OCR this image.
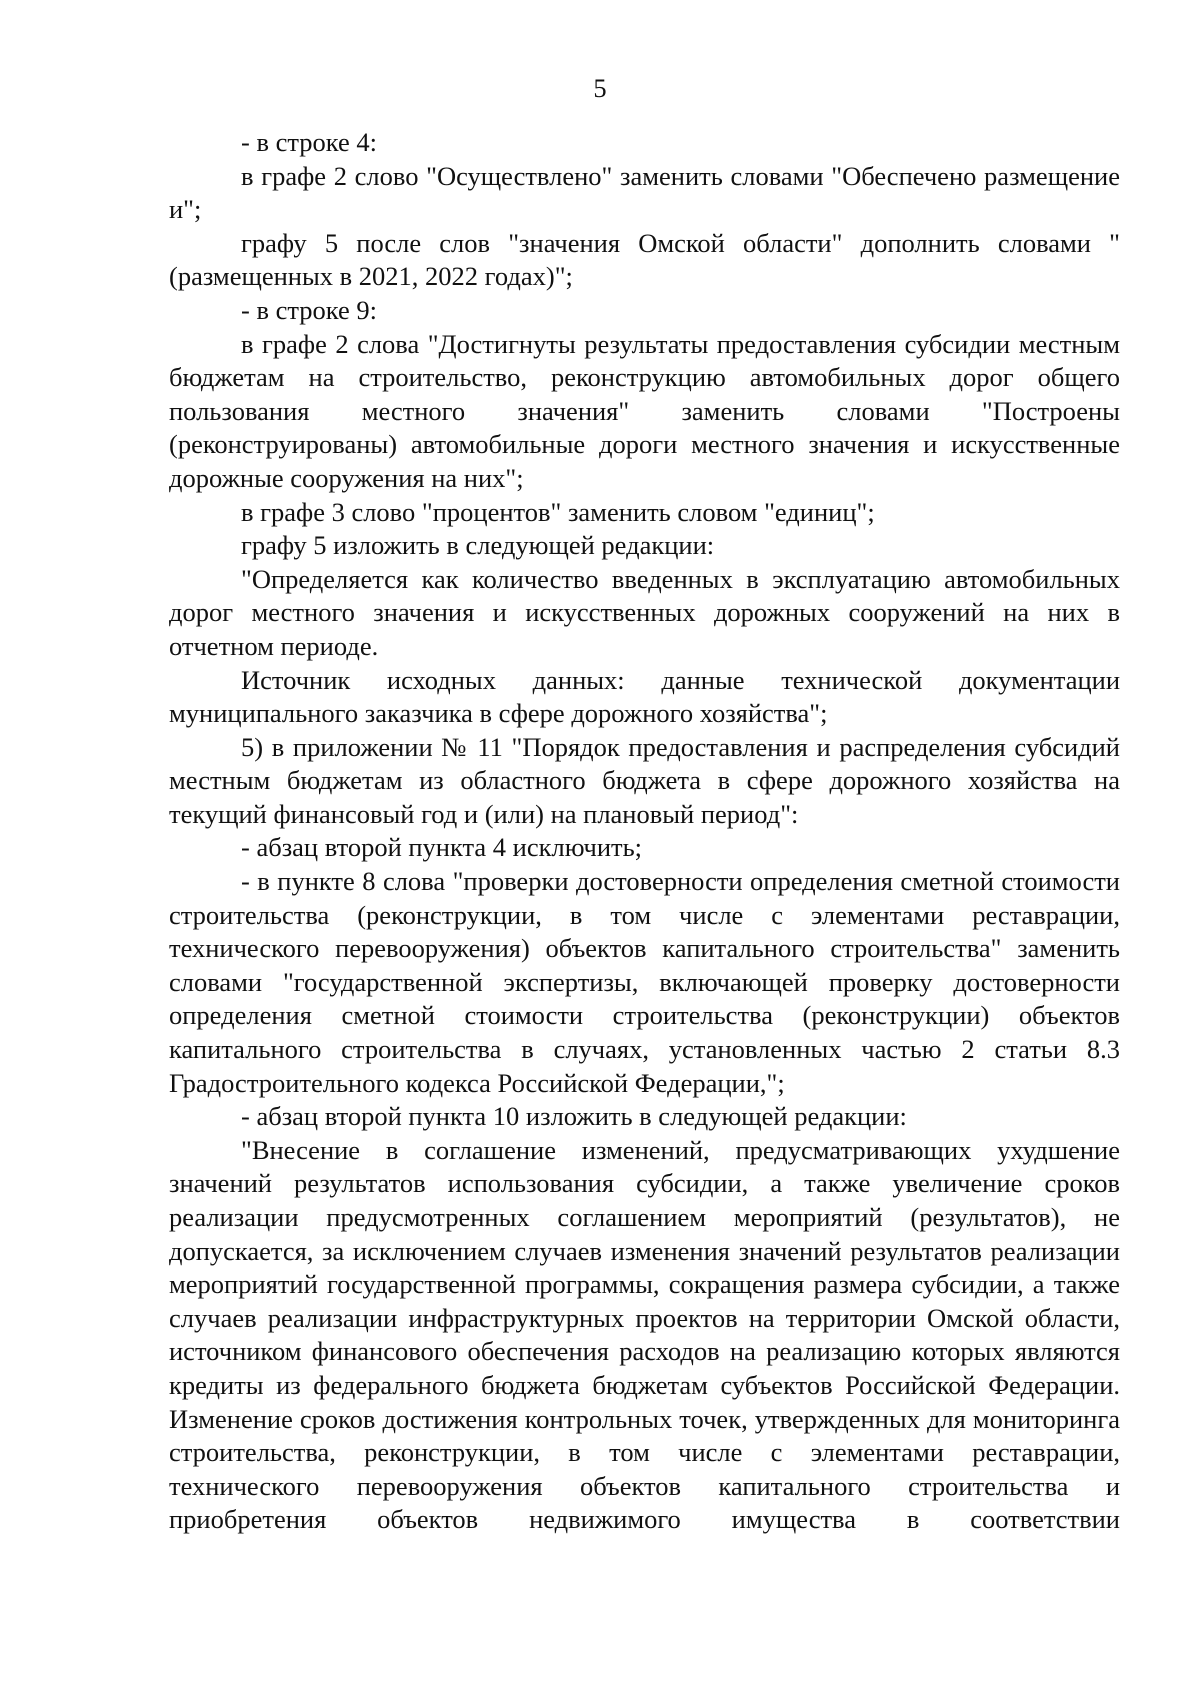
5

- в строке 4:

в графе 2 слово "Осуществлено" заменить словами "Обеспечено размещение и";

графу 5 после слов "значения Омской области" дополнить словами "(размещенных в 2021, 2022 годах)";

- в строке 9:

в графе 2 слова "Достигнуты результаты предоставления субсидии местным бюджетам на строительство, реконструкцию автомобильных дорог общего пользования местного значения" заменить словами "Построены (реконструированы) автомобильные дороги местного значения и искусственные дорожные сооружения на них";

в графе 3 слово "процентов" заменить словом "единиц";

графу 5 изложить в следующей редакции:

"Определяется как количество введенных в эксплуатацию автомобильных дорог местного значения и искусственных дорожных сооружений на них в отчетном периоде.

Источник исходных данных: данные технической документации муниципального заказчика в сфере дорожного хозяйства";

5) в приложении № 11 "Порядок предоставления и распределения субсидий местным бюджетам из областного бюджета в сфере дорожного хозяйства на текущий финансовый год и (или) на плановый период":

- абзац второй пункта 4 исключить;

- в пункте 8 слова "проверки достоверности определения сметной стоимости строительства (реконструкции, в том числе с элементами реставрации, технического перевооружения) объектов капитального строительства" заменить словами "государственной экспертизы, включающей проверку достоверности определения сметной стоимости строительства (реконструкции) объектов капитального строительства в случаях, установленных частью 2 статьи 8.3 Градостроительного кодекса Российской Федерации,";

- абзац второй пункта 10 изложить в следующей редакции:

"Внесение в соглашение изменений, предусматривающих ухудшение значений результатов использования субсидии, а также увеличение сроков реализации предусмотренных соглашением мероприятий (результатов), не допускается, за исключением случаев изменения значений результатов реализации мероприятий государственной программы, сокращения размера субсидии, а также случаев реализации инфраструктурных проектов на территории Омской области, источником финансового обеспечения расходов на реализацию которых являются кредиты из федерального бюджета бюджетам субъектов Российской Федерации. Изменение сроков достижения контрольных точек, утвержденных для мониторинга строительства, реконструкции, в том числе с элементами реставрации, технического перевооружения объектов капитального строительства и приобретения объектов недвижимого имущества в соответствии
